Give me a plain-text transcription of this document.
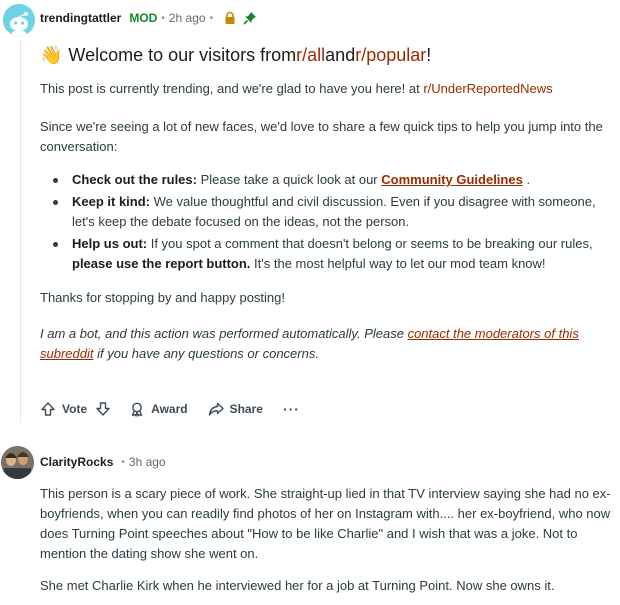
trendingtattler MOD • 2h ago •
👋 Welcome to our visitors from r/all and r/popular !
This post is currently trending, and we're glad to have you here! at r/UnderReportedNews
Since we're seeing a lot of new faces, we'd love to share a few quick tips to help you jump into the conversation:
Check out the rules: Please take a quick look at our Community Guidelines .
Keep it kind: We value thoughtful and civil discussion. Even if you disagree with someone, let's keep the debate focused on the ideas, not the person.
Help us out: If you spot a comment that doesn't belong or seems to be breaking our rules, please use the report button. It's the most helpful way to let our mod team know!
Thanks for stopping by and happy posting!
I am a bot, and this action was performed automatically. Please contact the moderators of this subreddit if you have any questions or concerns.
Vote	Award	Share ···
ClarityRocks • 3h ago
This person is a scary piece of work. She straight-up lied in that TV interview saying she had no ex-boyfriends, when you can readily find photos of her on Instagram with.... her ex-boyfriend, who now does Turning Point speeches about "How to be like Charlie" and I wish that was a joke. Not to mention the dating show she went on.
She met Charlie Kirk when he interviewed her for a job at Turning Point. Now she owns it.
